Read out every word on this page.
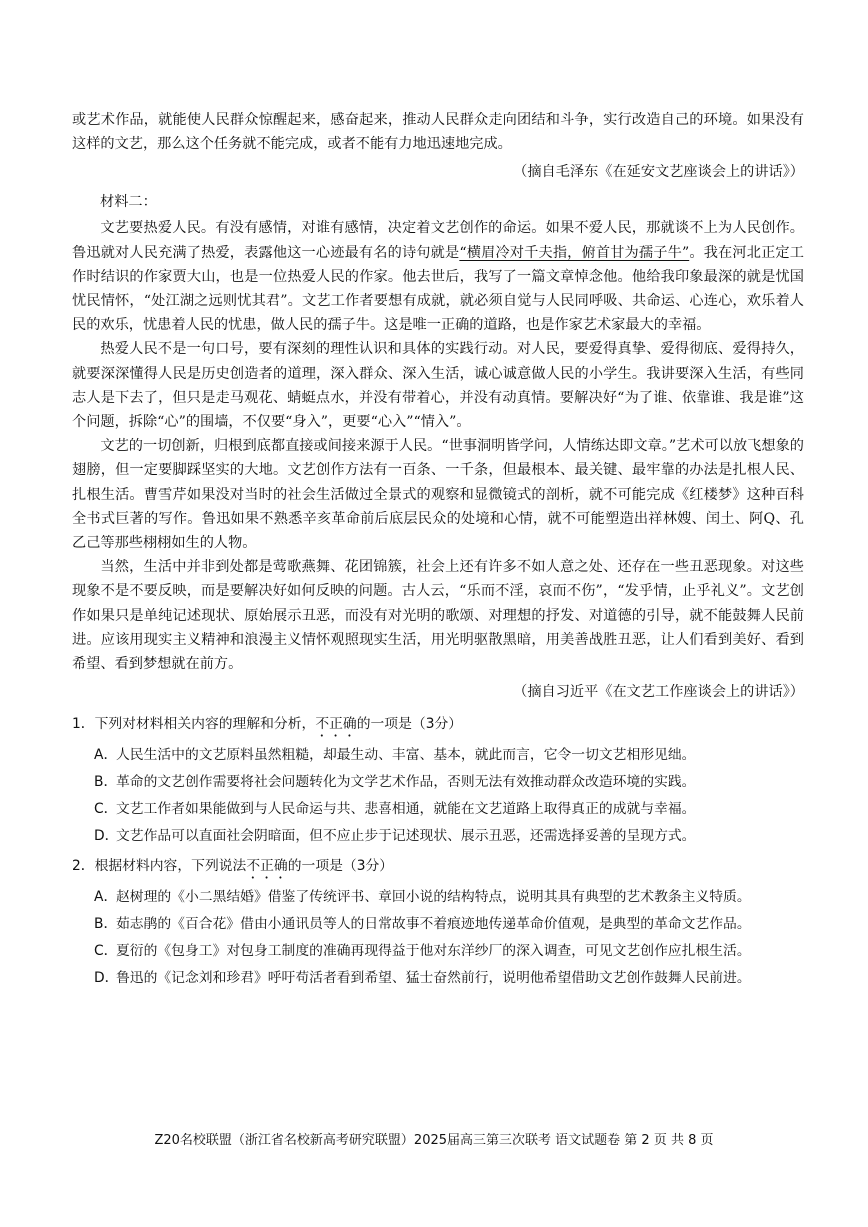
或艺术作品，就能使人民群众惊醒起来，感奋起来，推动人民群众走向团结和斗争，实行改造自己的环境。如果没有这样的文艺，那么这个任务就不能完成，或者不能有力地迅速地完成。

（摘自毛泽东《在延安文艺座谈会上的讲话》）

材料二：

文艺要热爱人民。有没有感情，对谁有感情，决定着文艺创作的命运。如果不爱人民，那就谈不上为人民创作。鲁迅就对人民充满了热爱，表露他这一心迹最有名的诗句就是“横眉冷对千夫指，俯首甘为孺子牛”。我在河北正定工作时结识的作家贾大山，也是一位热爱人民的作家。他去世后，我写了一篇文章悼念他。他给我印象最深的就是忧国忧民情怀，“处江湖之远则忧其君”。文艺工作者要想有成就，就必须自觉与人民同呼吸、共命运、心连心，欢乐着人民的欢乐，忧患着人民的忧患，做人民的孺子牛。这是唯一正确的道路，也是作家艺术家最大的幸福。

热爱人民不是一句口号，要有深刻的理性认识和具体的实践行动。对人民，要爱得真挚、爱得彻底、爱得持久，就要深深懂得人民是历史创造者的道理，深入群众、深入生活，诚心诚意做人民的小学生。我讲要深入生活，有些同志人是下去了，但只是走马观花、蜻蜓点水，并没有带着心，并没有动真情。要解决好“为了谁、依靠谁、我是谁”这个问题，拆除“心”的围墙，不仅要“身入”，更要“心入”“情入”。

文艺的一切创新，归根到底都直接或间接来源于人民。“世事洞明皆学问，人情练达即文章。”艺术可以放飞想象的翅膀，但一定要脚踩坚实的大地。文艺创作方法有一百条、一千条，但最根本、最关键、最牢靠的办法是扎根人民、扎根生活。曹雪芹如果没对当时的社会生活做过全景式的观察和显微镜式的剖析，就不可能完成《红楼梦》这种百科全书式巨著的写作。鲁迅如果不熟悉辛亥革命前后底层民众的处境和心情，就不可能塑造出祥林嫂、闰土、阿Q、孔乙己等那些栩栩如生的人物。

当然，生活中并非到处都是莺歌燕舞、花团锦簇，社会上还有许多不如人意之处、还存在一些丑恶现象。对这些现象不是不要反映，而是要解决好如何反映的问题。古人云，“乐而不淫，哀而不伤”，“发乎情，止乎礼义”。文艺创作如果只是单纯记述现状、原始展示丑恶，而没有对光明的歌颂、对理想的抒发、对道德的引导，就不能鼓舞人民前进。应该用现实主义精神和浪漫主义情怀观照现实生活，用光明驱散黑暗，用美善战胜丑恶，让人们看到美好、看到希望、看到梦想就在前方。

（摘自习近平《在文艺工作座谈会上的讲话》）

1．下列对材料相关内容的理解和分析，不正确的一项是（3分）

A．
人民生活中的文艺原料虽然粗糙，却最生动、丰富、基本，就此而言，它令一切文艺相形见绌。
B．
革命的文艺创作需要将社会问题转化为文学艺术作品，否则无法有效推动群众改造环境的实践。
C．
文艺工作者如果能做到与人民命运与共、悲喜相通，就能在文艺道路上取得真正的成就与幸福。
D．
文艺作品可以直面社会阴暗面，但不应止步于记述现状、展示丑恶，还需选择妥善的呈现方式。

2．根据材料内容，下列说法不正确的一项是（3分）

A．
赵树理的《小二黑结婚》借鉴了传统评书、章回小说的结构特点，说明其具有典型的艺术教条主义特质。
B．
茹志鹃的《百合花》借由小通讯员等人的日常故事不着痕迹地传递革命价值观，是典型的革命文艺作品。
C．
夏衍的《包身工》对包身工制度的准确再现得益于他对东洋纱厂的深入调查，可见文艺创作应扎根生活。
D．
鲁迅的《记念刘和珍君》呼吁苟活者看到希望、猛士奋然前行，说明他希望借助文艺创作鼓舞人民前进。
Z20名校联盟（浙江省名校新高考研究联盟）2025届高三第三次联考 语文试题卷 第 2 页 共 8 页
